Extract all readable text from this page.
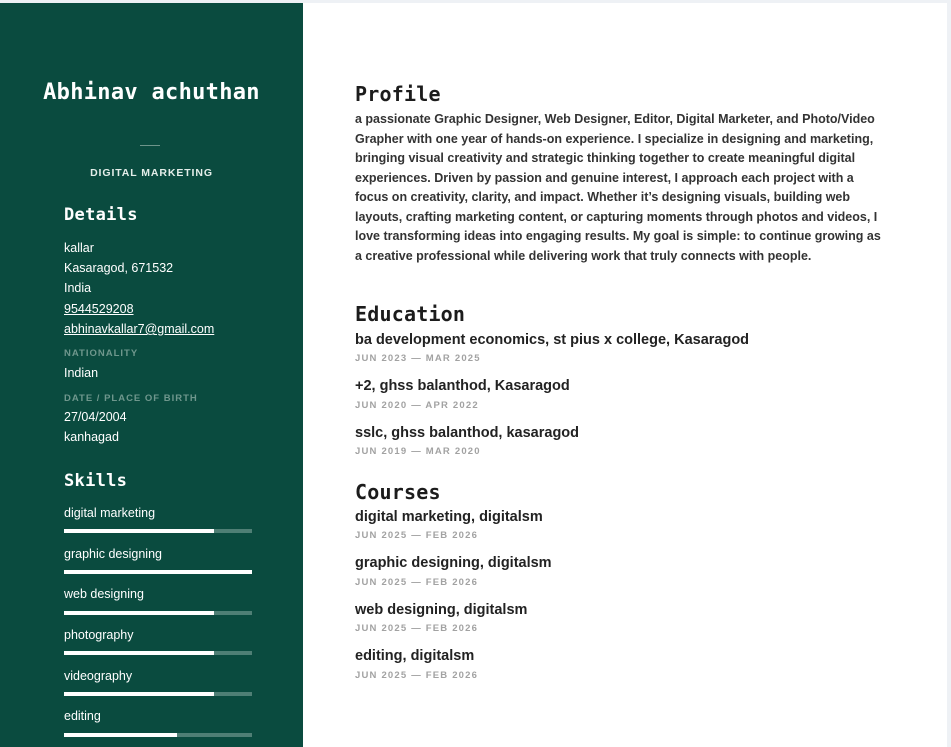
Abhinav achuthan
DIGITAL MARKETING
Details
kallar
Kasaragod, 671532
India
9544529208
abhinavkallar7@gmail.com
NATIONALITY
Indian
DATE / PLACE OF BIRTH
27/04/2004
kanhagad
Skills
digital marketing
graphic designing
web designing
photography
videography
editing
Profile
a passionate Graphic Designer, Web Designer, Editor, Digital Marketer, and Photo/Video Grapher with one year of hands-on experience. I specialize in designing and marketing, bringing visual creativity and strategic thinking together to create meaningful digital experiences. Driven by passion and genuine interest, I approach each project with a focus on creativity, clarity, and impact. Whether it’s designing visuals, building web layouts, crafting marketing content, or capturing moments through photos and videos, I love transforming ideas into engaging results. My goal is simple: to continue growing as a creative professional while delivering work that truly connects with people.
Education
ba development economics, st pius x college, Kasaragod
JUN 2023 — MAR 2025
+2, ghss balanthod, Kasaragod
JUN 2020 — APR 2022
sslc, ghss balanthod, kasaragod
JUN 2019 — MAR 2020
Courses
digital marketing, digitalsm
JUN 2025 — FEB 2026
graphic designing, digitalsm
JUN 2025 — FEB 2026
web designing, digitalsm
JUN 2025 — FEB 2026
editing, digitalsm
JUN 2025 — FEB 2026
